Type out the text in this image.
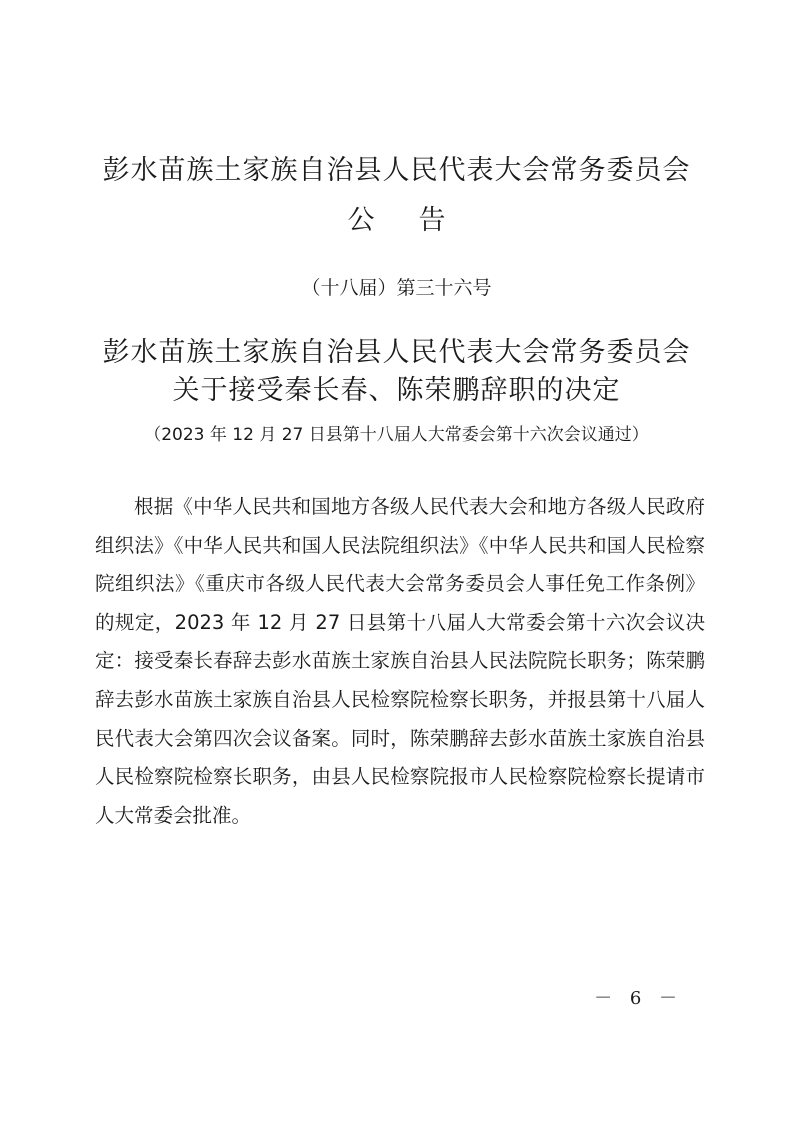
彭水苗族土家族自治县人民代表大会常务委员会
公告
（十八届）第三十六号
彭水苗族土家族自治县人民代表大会常务委员会
关于接受秦长春、陈荣鹏辞职的决定
（2023 年 12 月 27 日县第十八届人大常委会第十六次会议通过）
根据《中华人民共和国地方各级人民代表大会和地方各级人民政府组织法》《中华人民共和国人民法院组织法》《中华人民共和国人民检察院组织法》《重庆市各级人民代表大会常务委员会人事任免工作条例》的规定，2023 年 12 月 27 日县第十八届人大常委会第十六次会议决定：接受秦长春辞去彭水苗族土家族自治县人民法院院长职务；陈荣鹏辞去彭水苗族土家族自治县人民检察院检察长职务，并报县第十八届人民代表大会第四次会议备案。同时，陈荣鹏辞去彭水苗族土家族自治县人民检察院检察长职务，由县人民检察院报市人民检察院检察长提请市人大常委会批准。
－ 6 －
